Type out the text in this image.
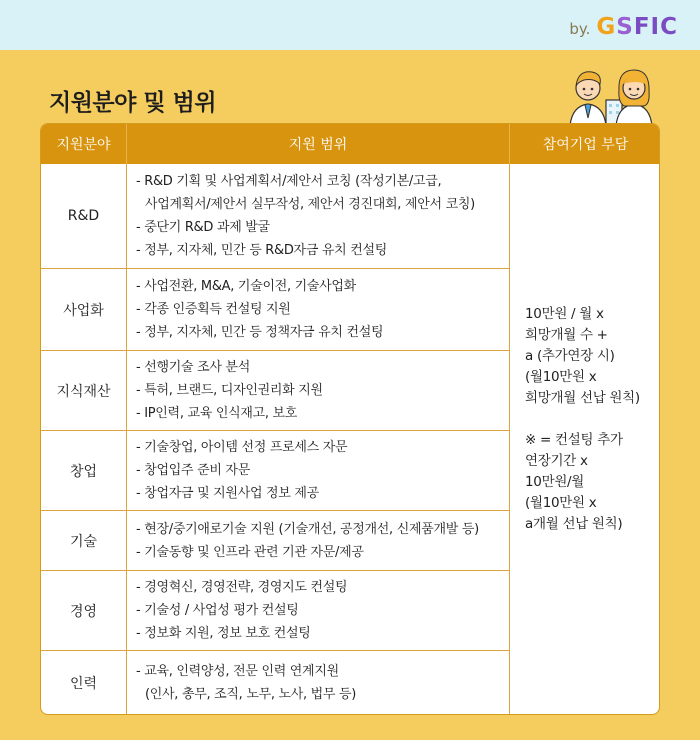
by. GSFIC
지원분야 및 범위
지원분야	지원 범위	참여기업 부담
R&D
- R&D 기획 및 사업계획서/제안서 코칭 (작성기본/고급,
사업계획서/제안서 실무작성, 제안서 경진대회, 제안서 코칭)
- 중단기 R&D 과제 발굴
- 정부, 지자체, 민간 등 R&D자금 유치 컨설팅
사업화
- 사업전환, M&A, 기술이전, 기술사업화
- 각종 인증획득 컨설팅 지원
- 정부, 지자체, 민간 등 정책자금 유치 컨설팅
지식재산
- 선행기술 조사 분석
- 특허, 브랜드, 디자인권리화 지원
- IP인력, 교육 인식재고, 보호
창업
- 기술창업, 아이템 선정 프로세스 자문
- 창업입주 준비 자문
- 창업자금 및 지원사업 정보 제공
기술
- 현장/중기애로기술 지원 (기술개선, 공정개선, 신제품개발 등)
- 기술동향 및 인프라 관련 기관 자문/제공
경영
- 경영혁신, 경영전략, 경영지도 컨설팅
- 기술성 / 사업성 평가 컨설팅
- 정보화 지원, 정보 보호 컨설팅
인력
- 교육, 인력양성, 전문 인력 연계지원
(인사, 총무, 조직, 노무, 노사, 법무 등)
10만원 / 월 x
희망개월 수 +
a (추가연장 시)
(월10만원 x
희망개월 선납 원칙)
※ = 컨설팅 추가
연장기간 x
10만원/월
(월10만원 x
a개월 선납 원칙)
